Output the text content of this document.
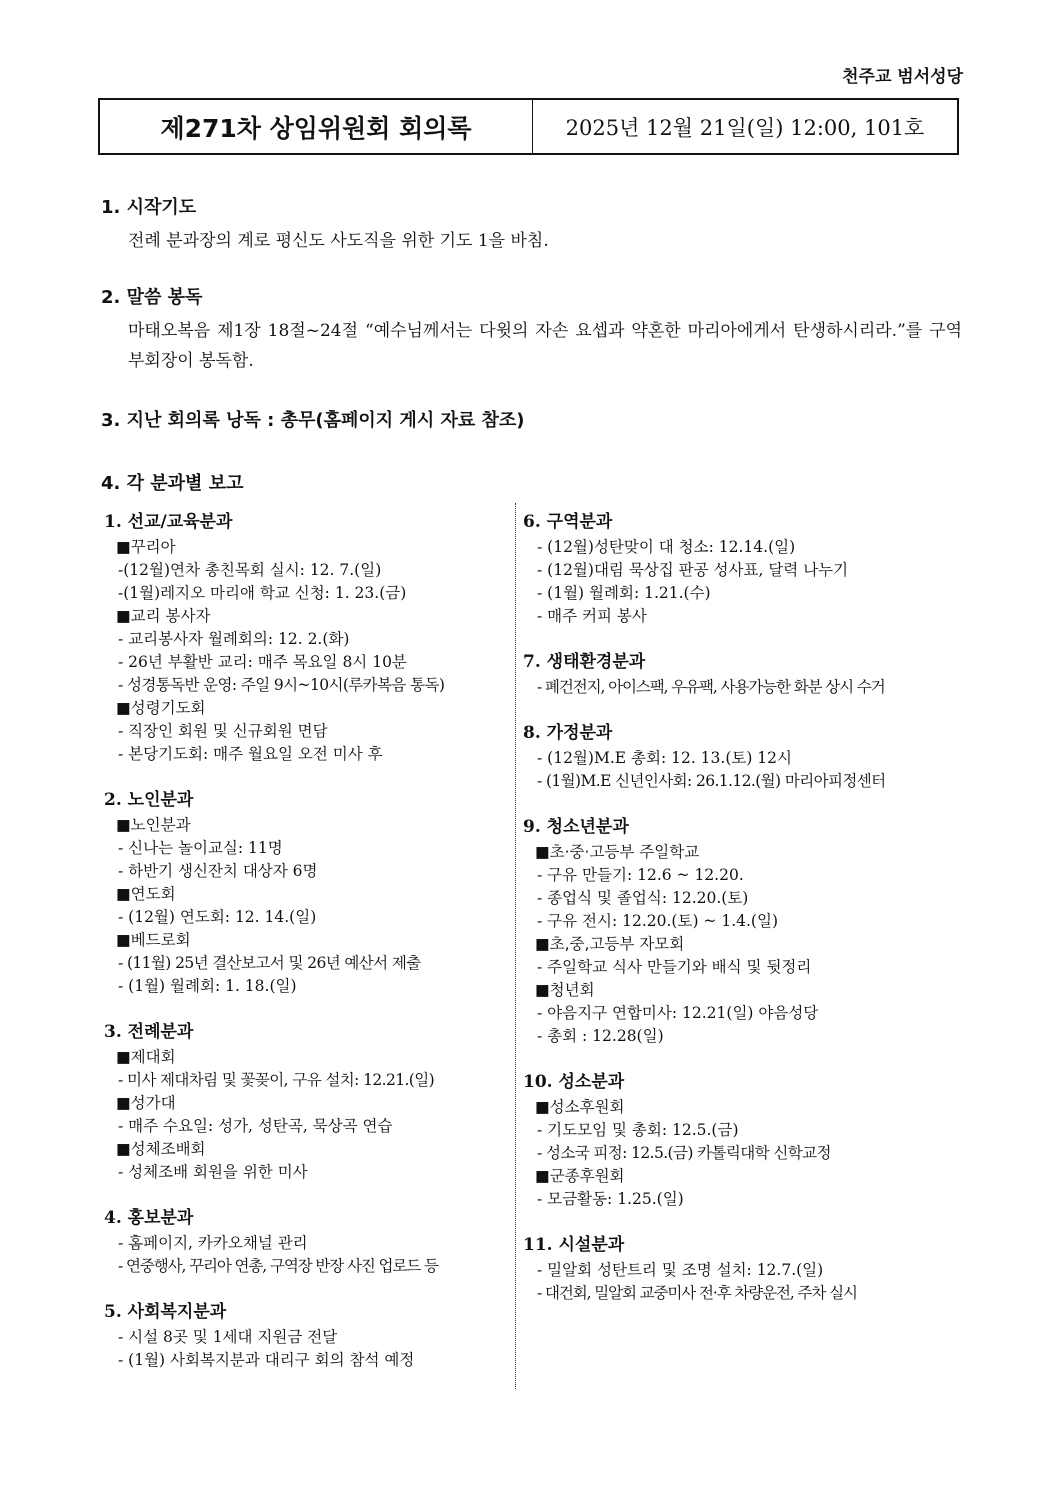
천주교 범서성당
제271차 상임위원회 회의록	2025년 12월 21일(일) 12:00, 101호

1. 시작기도

전례 분과장의 계로 평신도 사도직을 위한 기도 1을 바침.

2. 말씀 봉독

마태오복음 제1장 18절~24절 “예수님께서는 다윗의 자손 요셉과 약혼한 마리아에게서 탄생하시리라.”를 구역 부회장이 봉독함.

3. 지난 회의록 낭독 : 총무(홈페이지 게시 자료 참조)

4. 각 분과별 보고

1. 선교/교육분과

■꾸리아
-(12월)연차 총친목회 실시: 12. 7.(일)
-(1월)레지오 마리애 학교 신청: 1. 23.(금)
■교리 봉사자
- 교리봉사자 월례회의: 12. 2.(화)
- 26년 부활반 교리: 매주 목요일 8시 10분
- 성경통독반 운영: 주일 9시~10시(루카복음 통독)
■성령기도회
- 직장인 회원 및 신규회원 면담
- 본당기도회: 매주 월요일 오전 미사 후

2. 노인분과

■노인분과
- 신나는 놀이교실: 11명
- 하반기 생신잔치 대상자 6명
■연도회
- (12월) 연도회: 12. 14.(일)
■베드로회
- (11월) 25년 결산보고서 및 26년 예산서 제출
- (1월) 월례회: 1. 18.(일)

3. 전례분과

■제대회
- 미사 제대차림 및 꽃꽂이, 구유 설치: 12.21.(일)
■성가대
- 매주 수요일: 성가, 성탄곡, 묵상곡 연습
■성체조배회
- 성체조배 회원을 위한 미사

4. 홍보분과

- 홈페이지, 카카오채널 관리
- 연중행사, 꾸리아 연총, 구역장 반장 사진 업로드 등

5. 사회복지분과

- 시설 8곳 및 1세대 지원금 전달
- (1월) 사회복지분과 대리구 회의 참석 예정

6. 구역분과

- (12월)성탄맞이 대 청소: 12.14.(일)
- (12월)대림 묵상집 판공 성사표, 달력 나누기
- (1월) 월례회: 1.21.(수)
- 매주 커피 봉사

7. 생태환경분과

- 폐건전지, 아이스팩, 우유팩, 사용가능한 화분 상시 수거

8. 가정분과

- (12월)M.E 총회: 12. 13.(토) 12시
- (1월)M.E 신년인사회: 26.1.12.(월) 마리아피정센터

9. 청소년분과

■초·중·고등부 주일학교
- 구유 만들기: 12.6 ~ 12.20.
- 종업식 및 졸업식: 12.20.(토)
- 구유 전시: 12.20.(토) ~ 1.4.(일)
■초,중,고등부 자모회
- 주일학교 식사 만들기와 배식 및 뒷정리
■청년회
- 야음지구 연합미사: 12.21(일) 야음성당
- 총회 : 12.28(일)

10. 성소분과

■성소후원회
- 기도모임 및 총회: 12.5.(금)
- 성소국 피정: 12.5.(금) 카톨릭대학 신학교정
■군종후원회
- 모금활동: 1.25.(일)

11. 시설분과

- 밀알회 성탄트리 및 조명 설치: 12.7.(일)
- 대건회, 밀알회 교중미사 전·후 차량운전, 주차 실시
